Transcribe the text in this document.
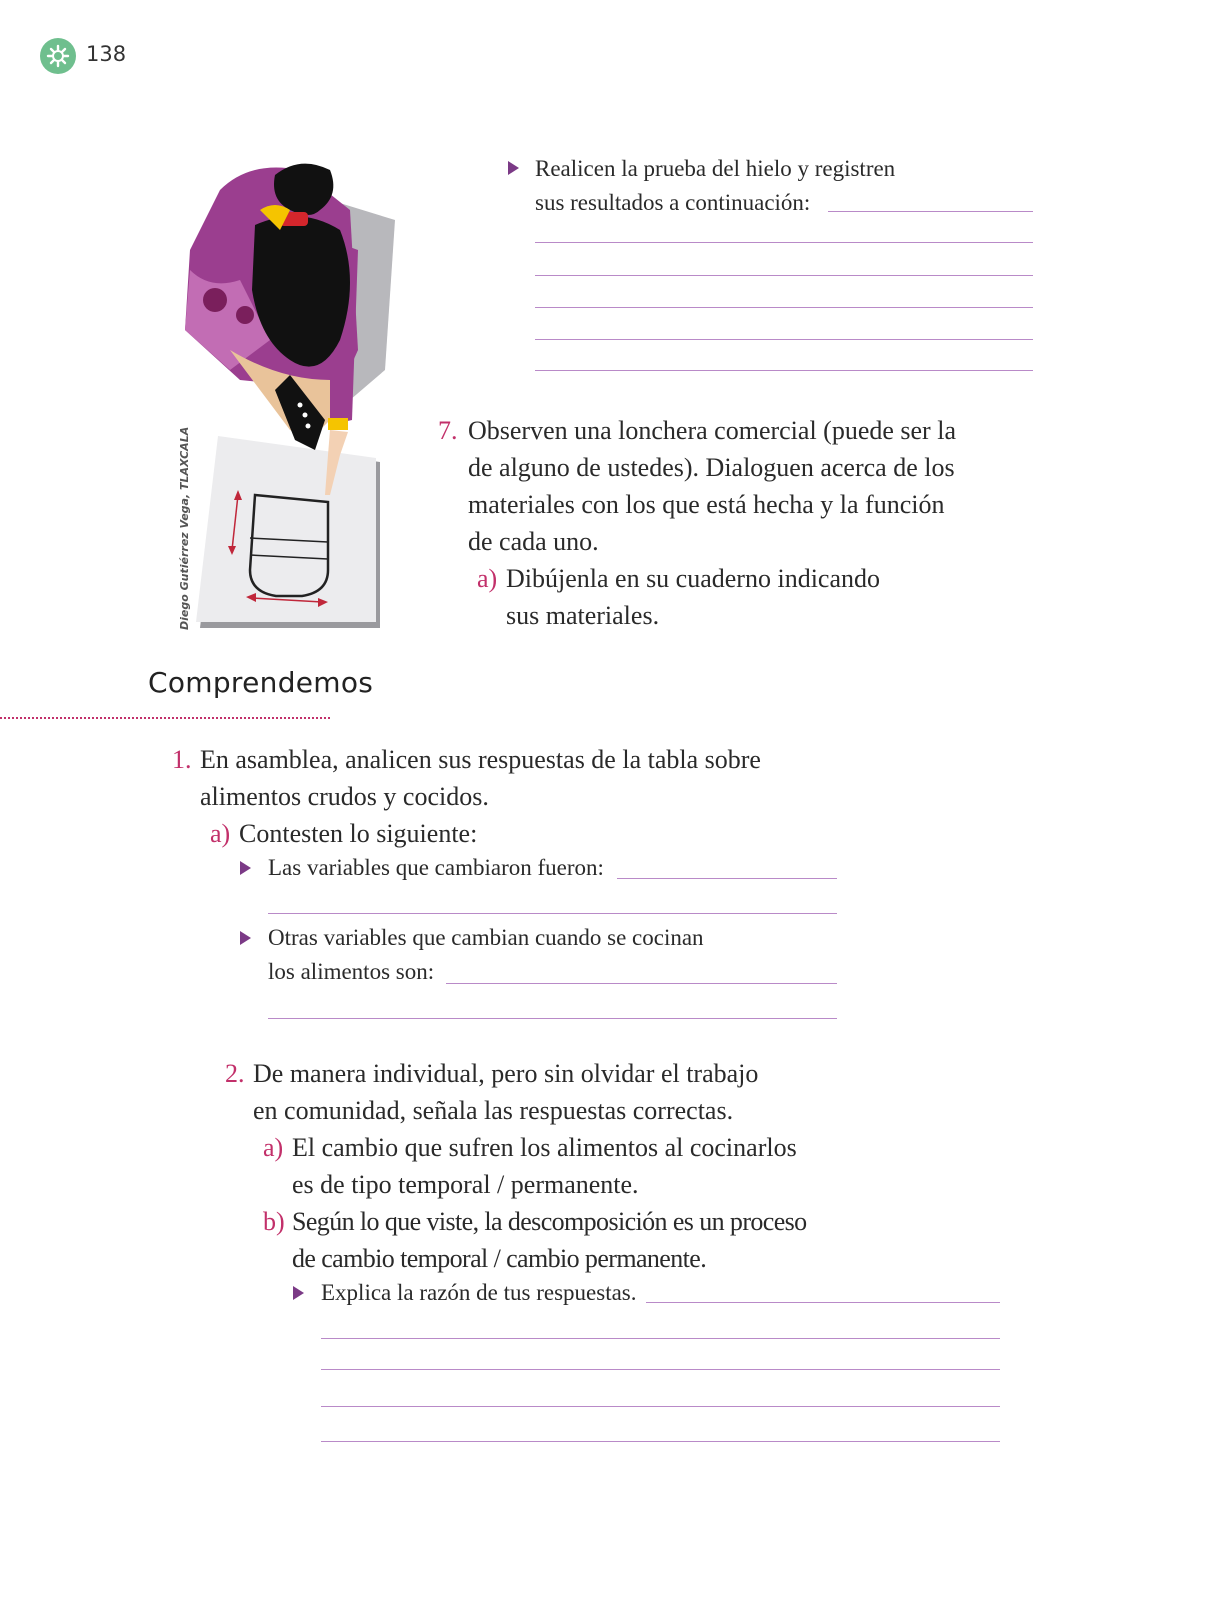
138
Diego Gutiérrez Vega, TLAXCALA
Realicen la prueba del hielo y registren
sus resultados a continuación:
7. Observen una lonchera comercial (puede ser la
de alguno de ustedes). Dialoguen acerca de los
materiales con los que está hecha y la función
de cada uno.
a) Dibújenla en su cuaderno indicando
sus materiales.
Comprendemos
1. En asamblea, analicen sus respuestas de la tabla sobre
alimentos crudos y cocidos.
a) Contesten lo siguiente:
Las variables que cambiaron fueron:
Otras variables que cambian cuando se cocinan
los alimentos son:
2. De manera individual, pero sin olvidar el trabajo
en comunidad, señala las respuestas correctas.
a) El cambio que sufren los alimentos al cocinarlos
es de tipo temporal / permanente.
b) Según lo que viste, la descomposición es un proceso
de cambio temporal / cambio permanente.
Explica la razón de tus respuestas.
